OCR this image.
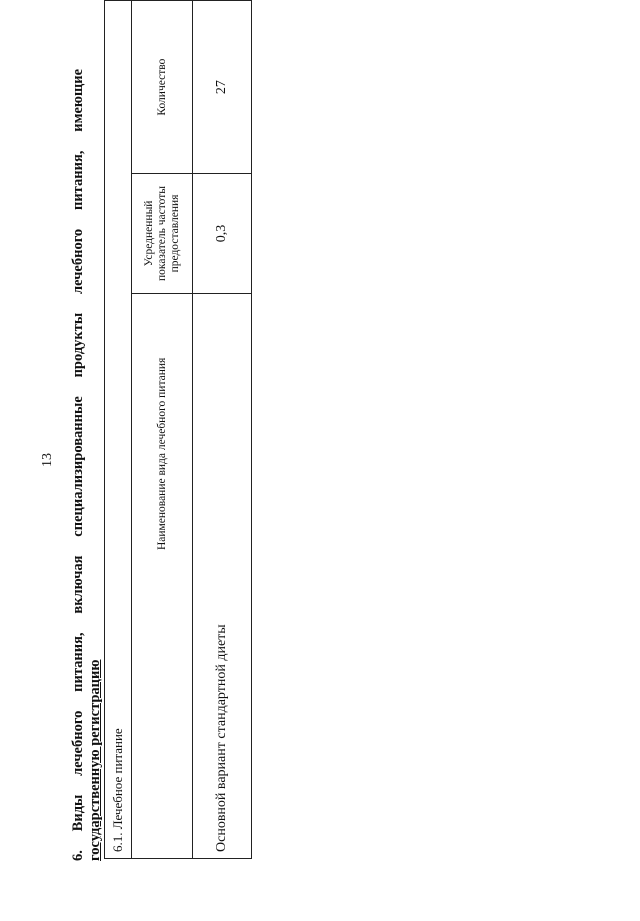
13 6. Виды лечебного питания, включая специализированные продукты лечебного питания, имеющие государственную регистрацию 6.1. Лечебное питание		
Наименование вида лечебного питания	Усредненный показатель частоты предоставления	Количество
Основной вариант стандартной диеты	0,3	27
